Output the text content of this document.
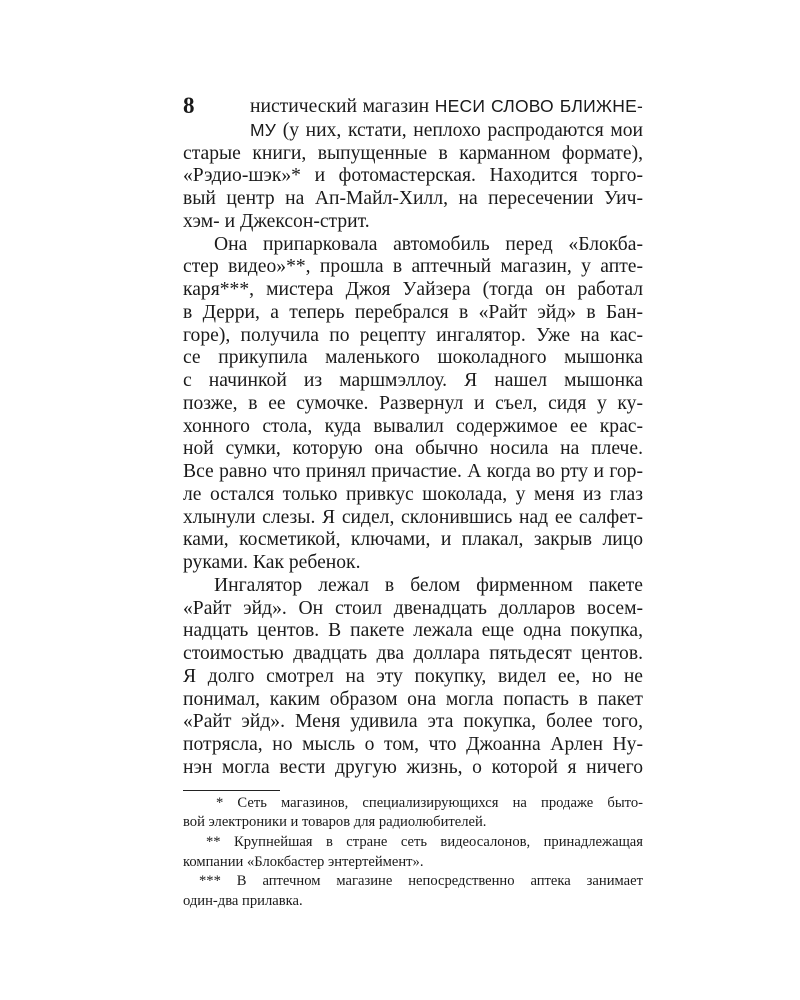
8	нистический магазин НЕСИ СЛОВО БЛИЖНЕ-
МУ (у них, кстати, неплохо распродаются мои
старые книги, выпущенные в карманном формате),
«Рэдио-шэк»* и фотомастерская. Находится торго-
вый центр на Ап-Майл-Хилл, на пересечении Уич-
хэм- и Джексон-стрит.
Она припарковала автомобиль перед «Блокба-
стер видео»**, прошла в аптечный магазин, у апте-
каря***, мистера Джоя Уайзера (тогда он работал
в Дерри, а теперь перебрался в «Райт эйд» в Бан-
горе), получила по рецепту ингалятор. Уже на кас-
се прикупила маленького шоколадного мышонка
с начинкой из маршмэллоу. Я нашел мышонка
позже, в ее сумочке. Развернул и съел, сидя у ку-
хонного стола, куда вывалил содержимое ее крас-
ной сумки, которую она обычно носила на плече.
Все равно что принял причастие. А когда во рту и гор-
ле остался только привкус шоколада, у меня из глаз
хлынули слезы. Я сидел, склонившись над ее салфет-
ками, косметикой, ключами, и плакал, закрыв лицо
руками. Как ребенок.
Ингалятор лежал в белом фирменном пакете
«Райт эйд». Он стоил двенадцать долларов восем-
надцать центов. В пакете лежала еще одна покупка,
стоимостью двадцать два доллара пятьдесят центов.
Я долго смотрел на эту покупку, видел ее, но не
понимал, каким образом она могла попасть в пакет
«Райт эйд». Меня удивила эта покупка, более того,
потрясла, но мысль о том, что Джоанна Арлен Ну-
нэн могла вести другую жизнь, о которой я ничего
* Сеть магазинов, специализирующихся на продаже быто-
вой электроники и товаров для радиолюбителей.
** Крупнейшая в стране сеть видеосалонов, принадлежащая
компании «Блокбастер энтертеймент».
*** В аптечном магазине непосредственно аптека занимает
один-два прилавка.
